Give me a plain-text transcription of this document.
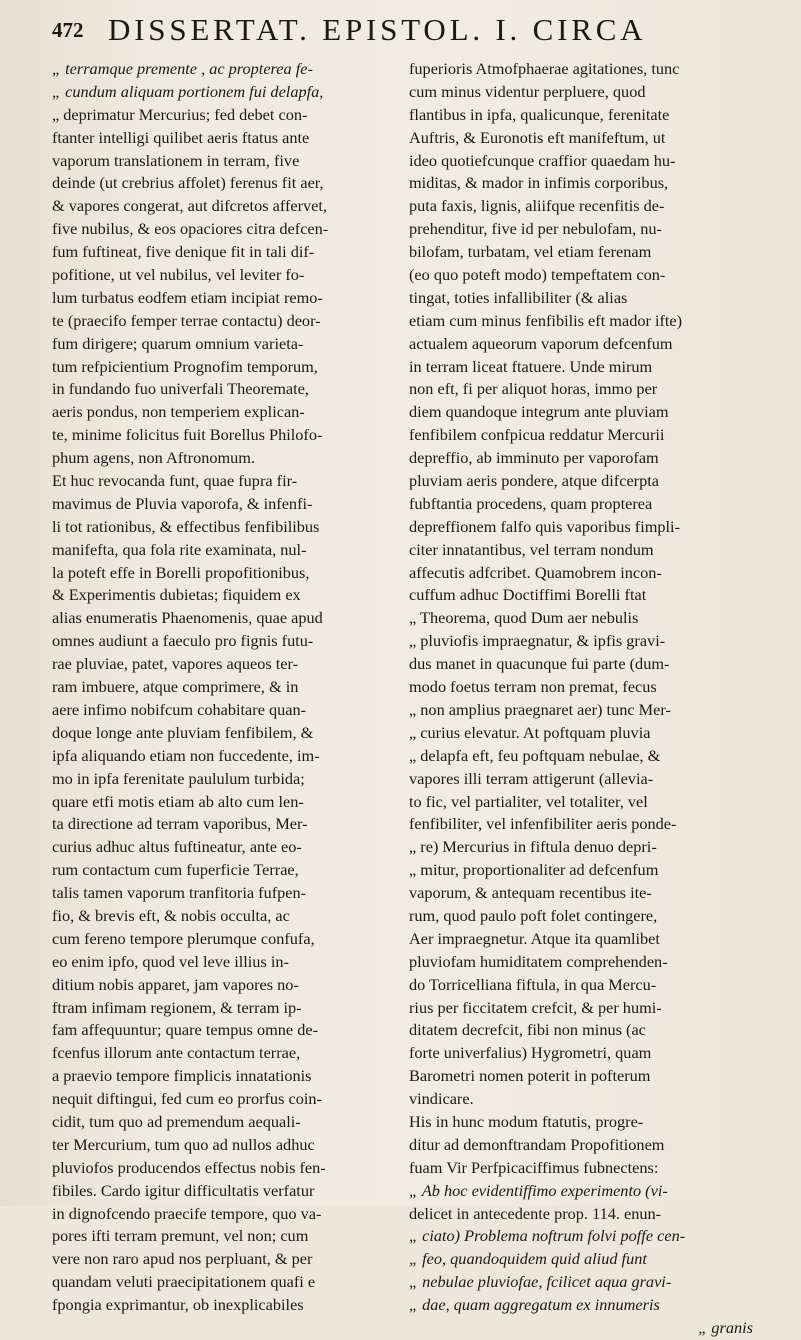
472 DISSERTAT. EPISTOL. I. CIRCA
„ terramque premente , ac propterea fe-
„ cundum aliquam portionem fui delapfa,
„ deprimatur Mercurius; fed debet con-
ftanter intelligi quilibet aeris ftatus ante
vaporum translationem in terram, five
deinde (ut crebrius affolet) ferenus fit aer,
& vapores congerat, aut difcretos affervet,
five nubilus, & eos opaciores citra defcen-
fum fuftineat, five denique fit in tali dif-
pofitione, ut vel nubilus, vel leviter fo-
lum turbatus eodfem etiam incipiat remo-
te (praecifo femper terrae contactu) deor-
fum dirigere; quarum omnium varieta-
tum refpicientium Prognofim temporum,
in fundando fuo univerfali Theoremate,
aeris pondus, non temperiem explican-
te, minime folicitus fuit Borellus Philofo-
phum agens, non Aftronomum.
Et huc revocanda funt, quae fupra fir-
mavimus de Pluvia vaporofa, & infenfi-
li tot rationibus, & effectibus fenfibilibus
manifefta, qua fola rite examinata, nul-
la poteft effe in Borelli propofitionibus,
& Experimentis dubietas; fiquidem ex
alias enumeratis Phaenomenis, quae apud
omnes audiunt a faeculo pro fignis futu-
rae pluviae, patet, vapores aqueos ter-
ram imbuere, atque comprimere, & in
aere infimo nobifcum cohabitare quan-
doque longe ante pluviam fenfibilem, &
ipfa aliquando etiam non fuccedente, im-
mo in ipfa ferenitate paululum turbida;
quare etfi motis etiam ab alto cum len-
ta directione ad terram vaporibus, Mer-
curius adhuc altus fuftineatur, ante eo-
rum contactum cum fuperficie Terrae,
talis tamen vaporum tranfitoria fufpen-
fio, & brevis eft, & nobis occulta, ac
cum fereno tempore plerumque confufa,
eo enim ipfo, quod vel leve illius in-
ditium nobis apparet, jam vapores no-
ftram infimam regionem, & terram ip-
fam affequuntur; quare tempus omne de-
fcenfus illorum ante contactum terrae,
a praevio tempore fimplicis innatationis
nequit diftingui, fed cum eo prorfus coin-
cidit, tum quo ad premendum aequali-
ter Mercurium, tum quo ad nullos adhuc
pluviofos producendos effectus nobis fen-
fibiles. Cardo igitur difficultatis verfatur
in dignofcendo praecife tempore, quo va-
pores ifti terram premunt, vel non; cum
vere non raro apud nos perpluant, & per
quandam veluti praecipitationem quafi e
fpongia exprimantur, ob inexplicabiles
fuperioris Atmofphaerae agitationes, tunc
cum minus videntur perpluere, quod
flantibus in ipfa, qualicunque, ferenitate
Auftris, & Euronotis eft manifeftum, ut
ideo quotiefcunque craffior quaedam hu-
miditas, & mador in infimis corporibus,
puta faxis, lignis, aliifque recenfitis de-
prehenditur, five id per nebulofam, nu-
bilofam, turbatam, vel etiam ferenam
(eo quo poteft modo) tempeftatem con-
tingat, toties infallibiliter (& alias
etiam cum minus fenfibilis eft mador ifte)
actualem aqueorum vaporum defcenfum
in terram liceat ftatuere. Unde mirum
non eft, fi per aliquot horas, immo per
diem quandoque integrum ante pluviam
fenfibilem confpicua reddatur Mercurii
depreffio, ab imminuto per vaporofam
pluviam aeris pondere, atque difcerpta
fubftantia procedens, quam propterea
depreffionem falfo quis vaporibus fimpli-
citer innatantibus, vel terram nondum
affecutis adfcribet. Quamobrem incon-
cuffum adhuc Doctiffimi Borelli ftat
„ Theorema, quod Dum aer nebulis
„ pluviofis impraegnatur, & ipfis gravi-
dus manet in quacunque fui parte (dum-
modo foetus terram non premat, fecus
„ non amplius praegnaret aer) tunc Mer-
„ curius elevatur. At poftquam pluvia
„ delapfa eft, feu poftquam nebulae, &
vapores illi terram attigerunt (allevia-
to fic, vel partialiter, vel totaliter, vel
fenfibiliter, vel infenfibiliter aeris ponde-
„ re) Mercurius in fiftula denuo depri-
„ mitur, proportionaliter ad defcenfum
vaporum, & antequam recentibus ite-
rum, quod paulo poft folet contingere,
Aer impraegnetur. Atque ita quamlibet
pluviofam humiditatem comprehenden-
do Torricelliana fiftula, in qua Mercu-
rius per ficcitatem crefcit, & per humi-
ditatem decrefcit, fibi non minus (ac
forte univerfalius) Hygrometri, quam
Barometri nomen poterit in pofterum
vindicare.
His in hunc modum ftatutis, progre-
ditur ad demonftrandam Propofitionem
fuam Vir Perfpicaciffimus fubnectens:
„ Ab hoc evidentiffimo experimento (vi-
delicet in antecedente prop. 114. enun-
„ ciato) Problema noftrum folvi poffe cen-
„ feo, quandoquidem quid aliud funt
„ nebulae pluviofae, fcilicet aqua gravi-
„ dae, quam aggregatum ex innumeris
„ granis
